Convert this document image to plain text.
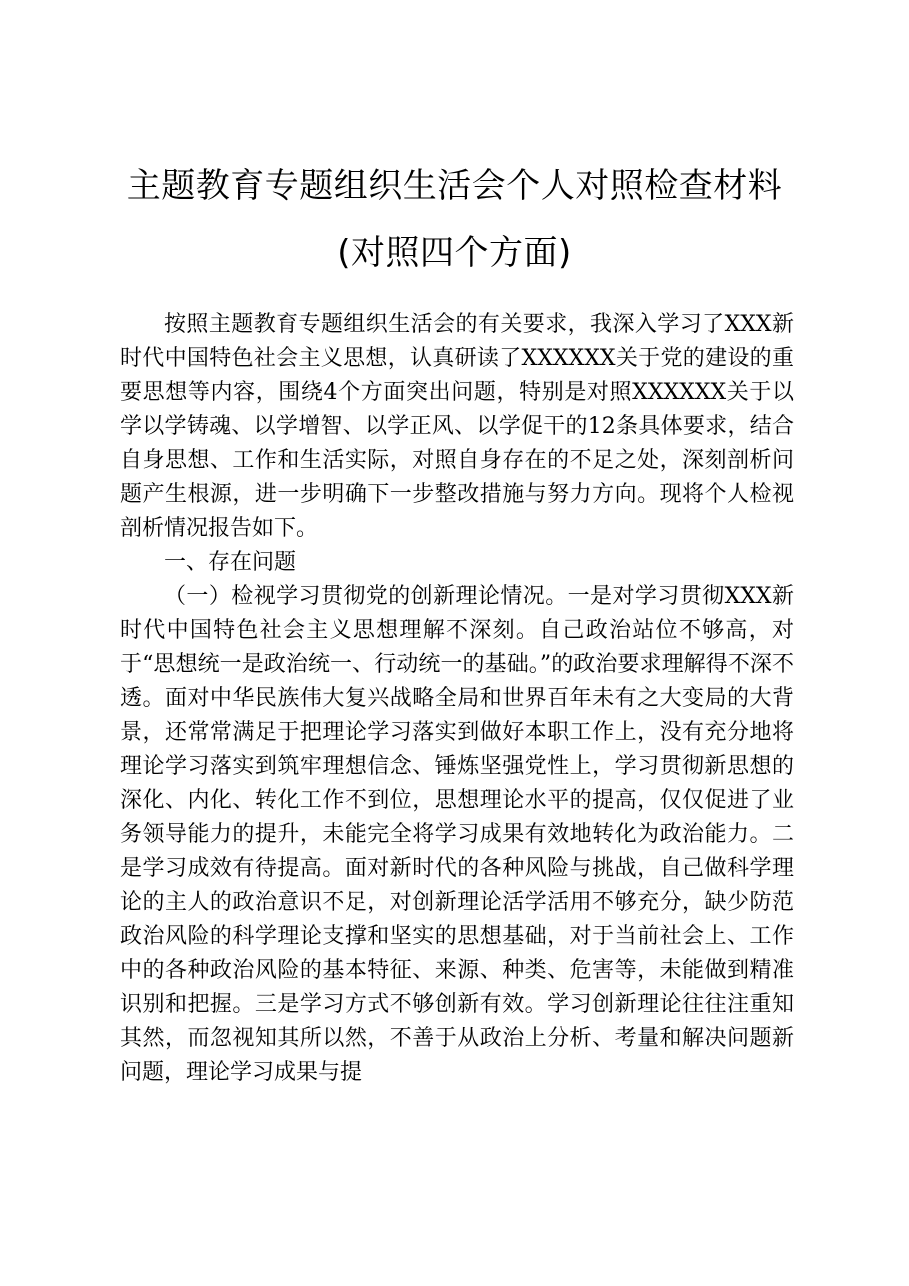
主题教育专题组织生活会个人对照检查材料
(对照四个方面)

按照主题教育专题组织生活会的有关要求，我深入学习了XXX新时代中国特色社会主义思想，认真研读了XXXXXX关于党的建设的重要思想等内容，围绕4个方面突出问题，特别是对照XXXXXX关于以学以学铸魂、以学增智、以学正风、以学促干的12条具体要求，结合自身思想、工作和生活实际，对照自身存在的不足之处，深刻剖析问题产生根源，进一步明确下一步整改措施与努力方向。现将个人检视剖析情况报告如下。

一、存在问题

（一）检视学习贯彻党的创新理论情况。一是对学习贯彻XXX新时代中国特色社会主义思想理解不深刻。自己政治站位不够高，对于“思想统一是政治统一、行动统一的基础。”的政治要求理解得不深不透。面对中华民族伟大复兴战略全局和世界百年未有之大变局的大背景，还常常满足于把理论学习落实到做好本职工作上，没有充分地将理论学习落实到筑牢理想信念、锤炼坚强党性上，学习贯彻新思想的深化、内化、转化工作不到位，思想理论水平的提高，仅仅促进了业务领导能力的提升，未能完全将学习成果有效地转化为政治能力。二是学习成效有待提高。面对新时代的各种风险与挑战，自己做科学理论的主人的政治意识不足，对创新理论活学活用不够充分，缺少防范政治风险的科学理论支撑和坚实的思想基础，对于当前社会上、工作中的各种政治风险的基本特征、来源、种类、危害等，未能做到精准识别和把握。三是学习方式不够创新有效。学习创新理论往往注重知其然，而忽视知其所以然，不善于从政治上分析、考量和解决问题新问题，理论学习成果与提
